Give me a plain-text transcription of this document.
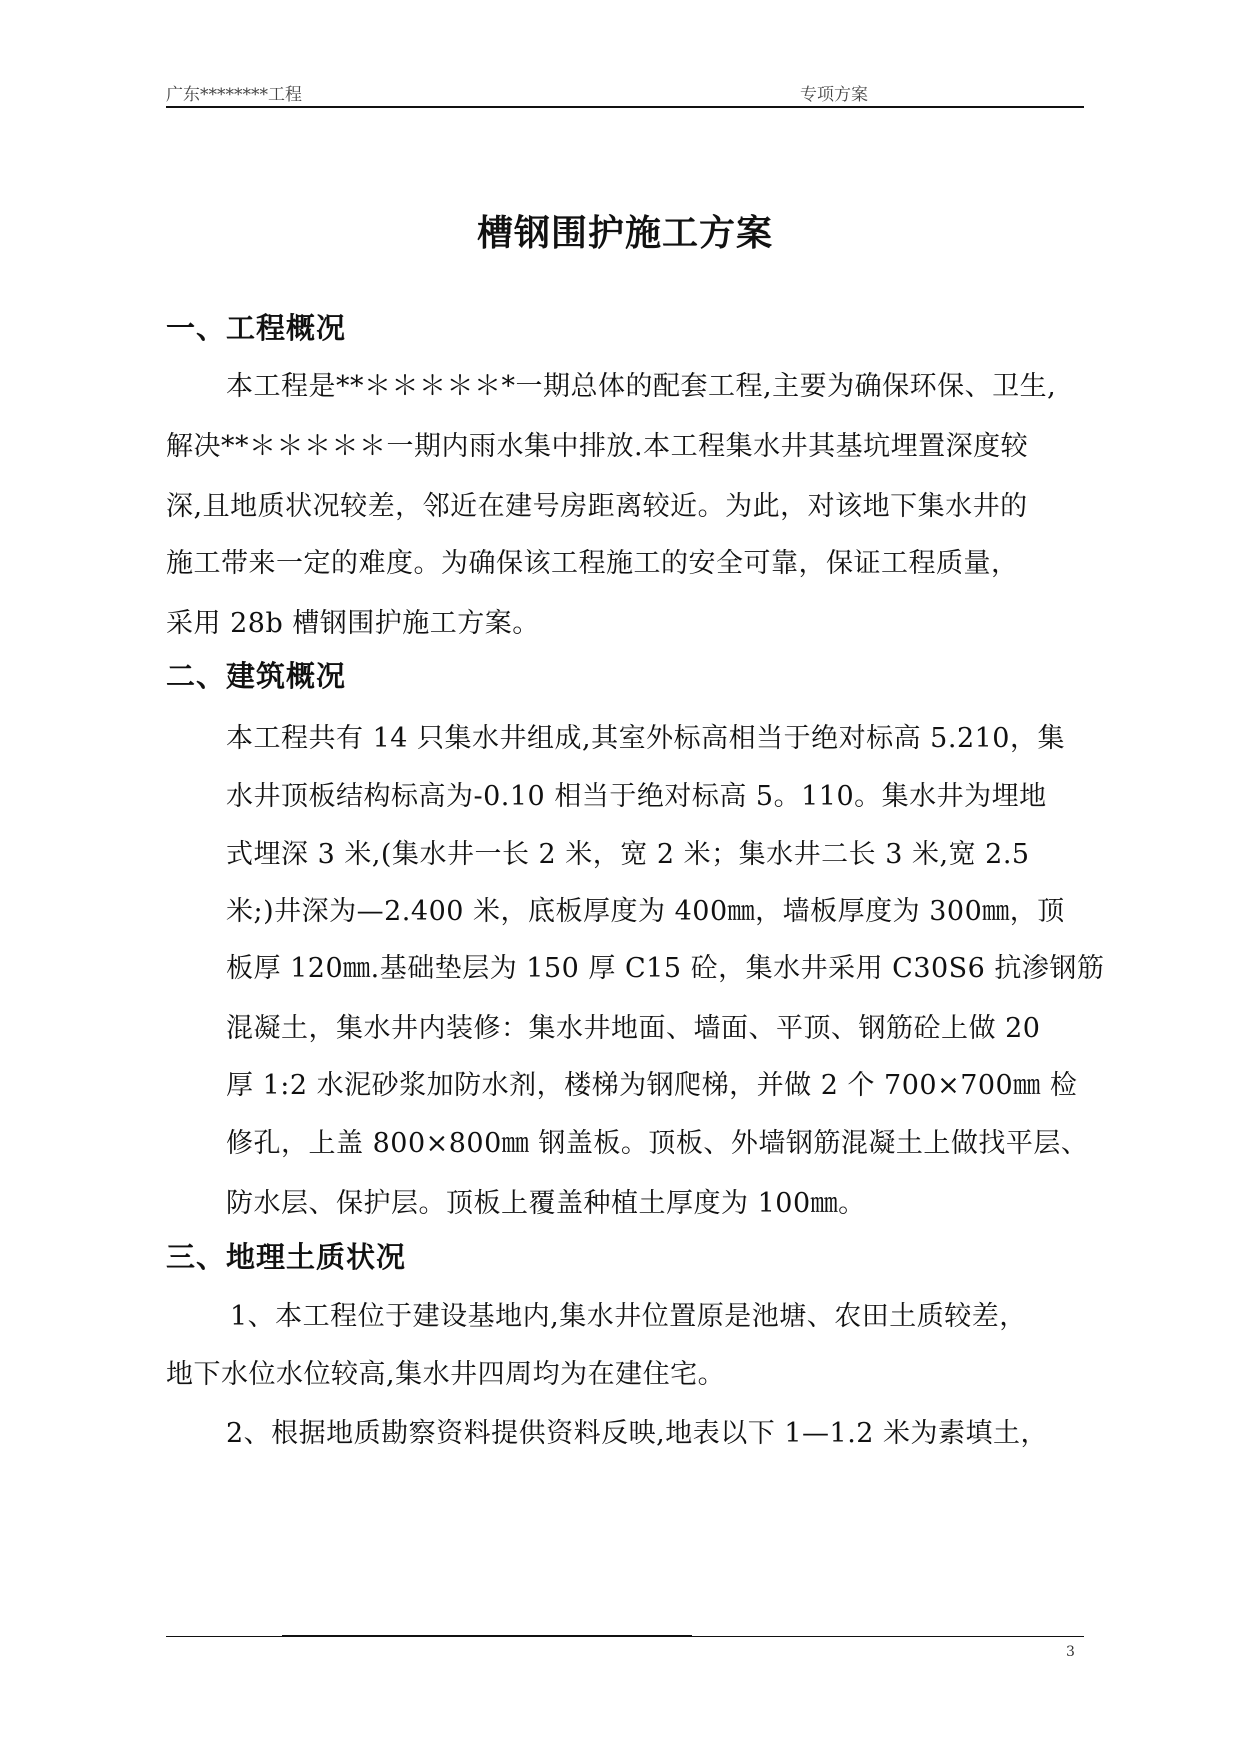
广东********工程	专项方案
槽钢围护施工方案
一、工程概况
本工程是**＊＊＊＊＊*一期总体的配套工程,主要为确保环保、卫生,
解决**＊＊＊＊＊一期内雨水集中排放.本工程集水井其基坑埋置深度较
深,且地质状况较差，邻近在建号房距离较近。为此，对该地下集水井的
施工带来一定的难度。为确保该工程施工的安全可靠，保证工程质量，
采用 28b 槽钢围护施工方案。
二、建筑概况
本工程共有 14 只集水井组成,其室外标高相当于绝对标高 5.210，集
水井顶板结构标高为-0.10 相当于绝对标高 5。110。集水井为埋地
式埋深 3 米,(集水井一长 2 米，宽 2 米；集水井二长 3 米,宽 2.5
米;)井深为—2.400 米，底板厚度为 400㎜，墙板厚度为 300㎜，顶
板厚 120㎜.基础垫层为 150 厚 C15 砼，集水井采用 C30S6 抗渗钢筋
混凝土，集水井内装修：集水井地面、墙面、平顶、钢筋砼上做 20
厚 1:2 水泥砂浆加防水剂，楼梯为钢爬梯，并做 2 个 700×700㎜ 检
修孔，上盖 800×800㎜ 钢盖板。顶板、外墙钢筋混凝土上做找平层、
防水层、保护层。顶板上覆盖种植土厚度为 100㎜。
三、地理土质状况
1、本工程位于建设基地内,集水井位置原是池塘、农田土质较差，
地下水位水位较高,集水井四周均为在建住宅。
2、根据地质勘察资料提供资料反映,地表以下 1—1.2 米为素填土，
3
